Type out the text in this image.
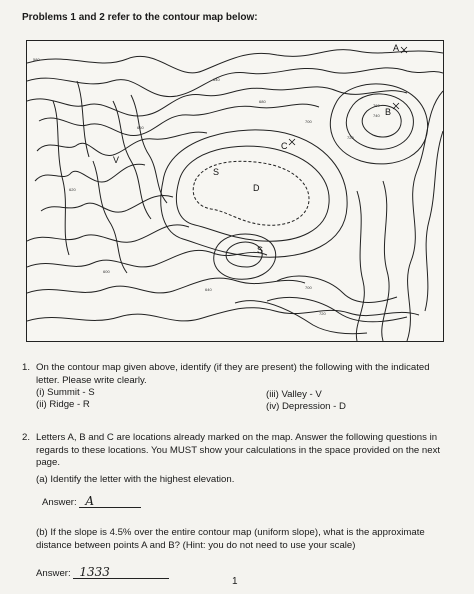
Problems 1 and 2 refer to the contour map below:
580
640
680
700
720
740
760
660
620
600
700
720
640
A
B
C
S
V
D
S
1. On the contour map given above, identify (if they are present) the following with the indicated letter. Please write clearly.
(i) Summit - S
(ii) Ridge - R
(iii) Valley - V
(iv) Depression - D
2. Letters A, B and C are locations already marked on the map. Answer the following questions in regards to these locations. You MUST show your calculations in the space provided on the next page.
(a) Identify the letter with the highest elevation.
Answer: A
(b) If the slope is 4.5% over the entire contour map (uniform slope), what is the approximate distance between points A and B? (Hint: you do not need to use your scale)
Answer: 1333
1
